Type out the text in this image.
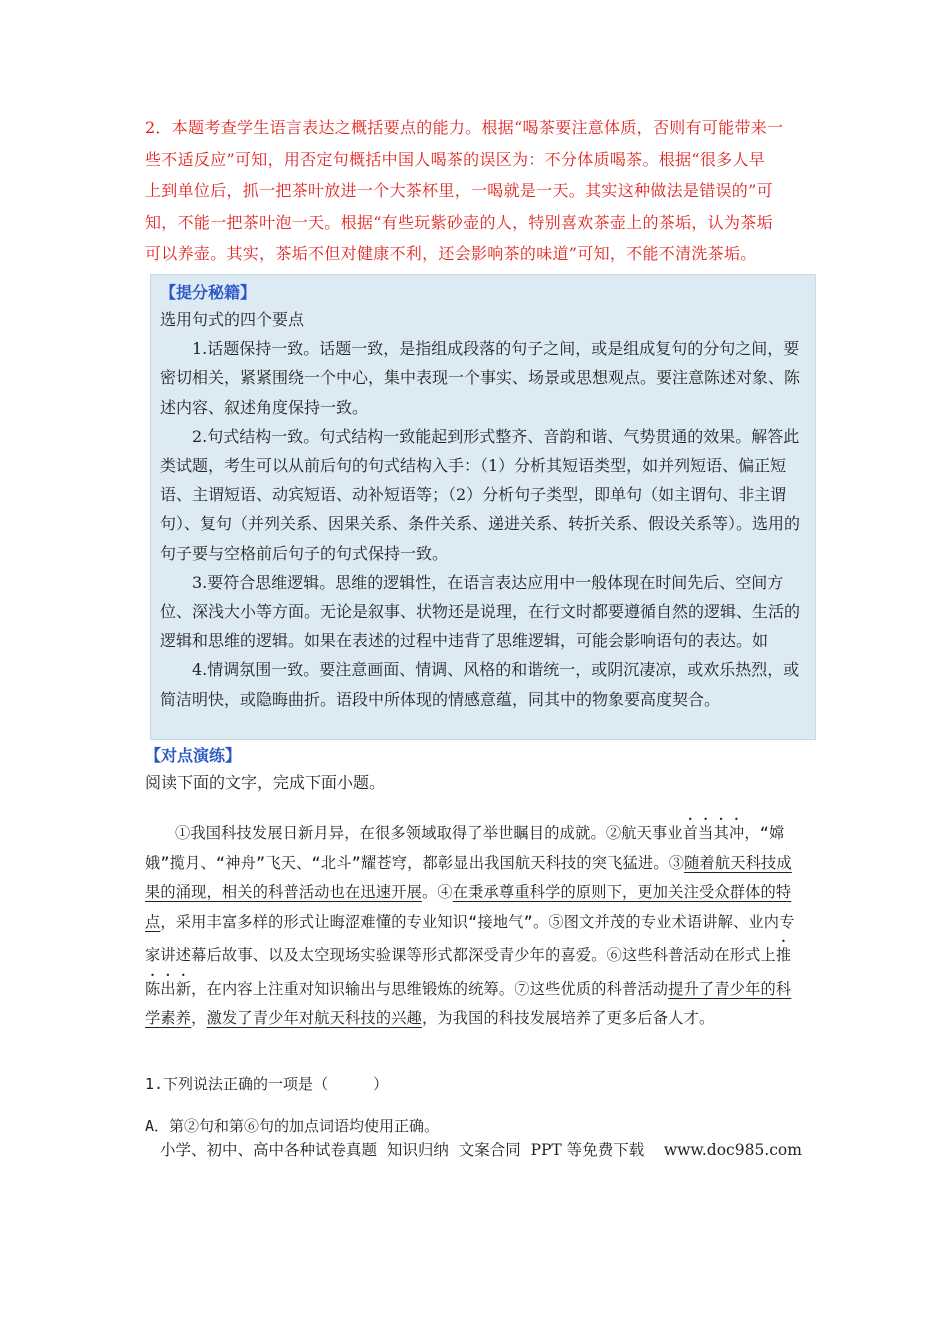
2．本题考查学生语言表达之概括要点的能力。根据“喝茶要注意体质，否则有可能带来一

些不适反应”可知，用否定句概括中国人喝茶的误区为：不分体质喝茶。根据“很多人早

上到单位后，抓一把茶叶放进一个大茶杯里，一喝就是一天。其实这种做法是错误的”可

知，不能一把茶叶泡一天。根据“有些玩紫砂壶的人，特别喜欢茶壶上的茶垢，认为茶垢

可以养壶。其实，茶垢不但对健康不利，还会影响茶的味道”可知，不能不清洗茶垢。

【提分秘籍】

选用句式的四个要点

1.话题保持一致。话题一致，是指组成段落的句子之间，或是组成复句的分句之间，要密切相关，紧紧围绕一个中心，集中表现一个事实、场景或思想观点。要注意陈述对象、陈述内容、叙述角度保持一致。

2.句式结构一致。句式结构一致能起到形式整齐、音韵和谐、气势贯通的效果。解答此类试题，考生可以从前后句的句式结构入手：（1）分析其短语类型，如并列短语、偏正短语、主谓短语、动宾短语、动补短语等；（2）分析句子类型，即单句（如主谓句、非主谓句）、复句（并列关系、因果关系、条件关系、递进关系、转折关系、假设关系等）。选用的句子要与空格前后句子的句式保持一致。

3.要符合思维逻辑。思维的逻辑性，在语言表达应用中一般体现在时间先后、空间方位、深浅大小等方面。无论是叙事、状物还是说理，在行文时都要遵循自然的逻辑、生活的逻辑和思维的逻辑。如果在表述的过程中违背了思维逻辑，可能会影响语句的表达。如

4.情调氛围一致。要注意画面、情调、风格的和谐统一，或阴沉凄凉，或欢乐热烈，或简洁明快，或隐晦曲折。语段中所体现的情感意蕴，同其中的物象要高度契合。

【对点演练】
阅读下面的文字，完成下面小题。
①我国科技发展日新月异，在很多领域取得了举世瞩目的成就。②航天事业首当其冲，“嫦娥”揽月、“神舟”飞天、“北斗”耀苍穹，都彰显出我国航天科技的突飞猛进。③随着航天科技成果的涌现，相关的科普活动也在迅速开展。④在秉承尊重科学的原则下，更加关注受众群体的特点，采用丰富多样的形式让晦涩难懂的专业知识“接地气”。⑤图文并茂的专业术语讲解、业内专家讲述幕后故事、以及太空现场实验课等形式都深受青少年的喜爱。⑥这些科普活动在形式上推陈出新，在内容上注重对知识输出与思维锻炼的统筹。⑦这些优质的科普活动提升了青少年的科学素养，激发了青少年对航天科技的兴趣，为我国的科技发展培养了更多后备人才。
1.下列说法正确的一项是（　　　）
A．第②句和第⑥句的加点词语均使用正确。
小学、初中、高中各种试卷真题  知识归纳  文案合同  PPT 等免费下载    www.doc985.com
